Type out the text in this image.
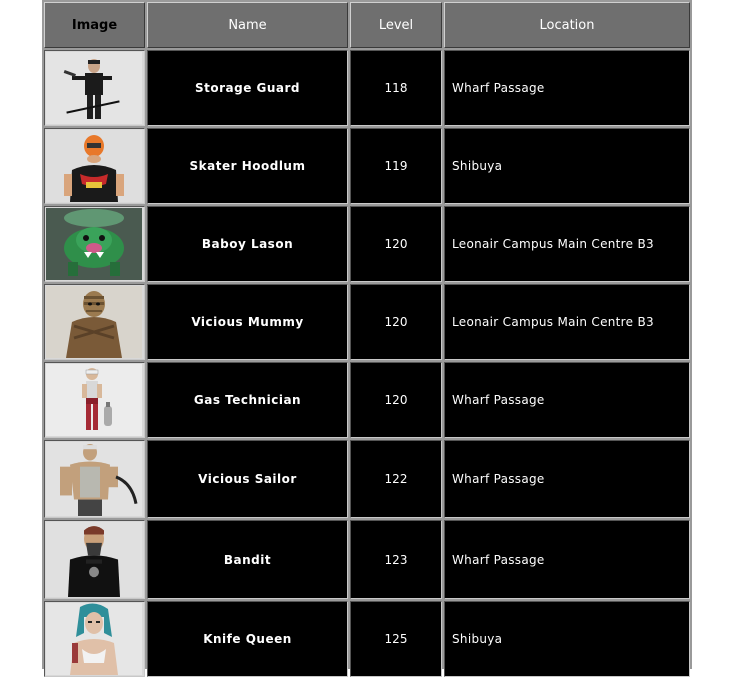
Image	Name	Level	Location

	Storage Guard	118	Wharf Passage

	Skater Hoodlum	119	Shibuya

	Baboy Lason	120	Leonair Campus Main Centre B3

	Vicious Mummy	120	Leonair Campus Main Centre B3

	Gas Technician	120	Wharf Passage

	Vicious Sailor	122	Wharf Passage

	Bandit	123	Wharf Passage

	Knife Queen	125	Shibuya
